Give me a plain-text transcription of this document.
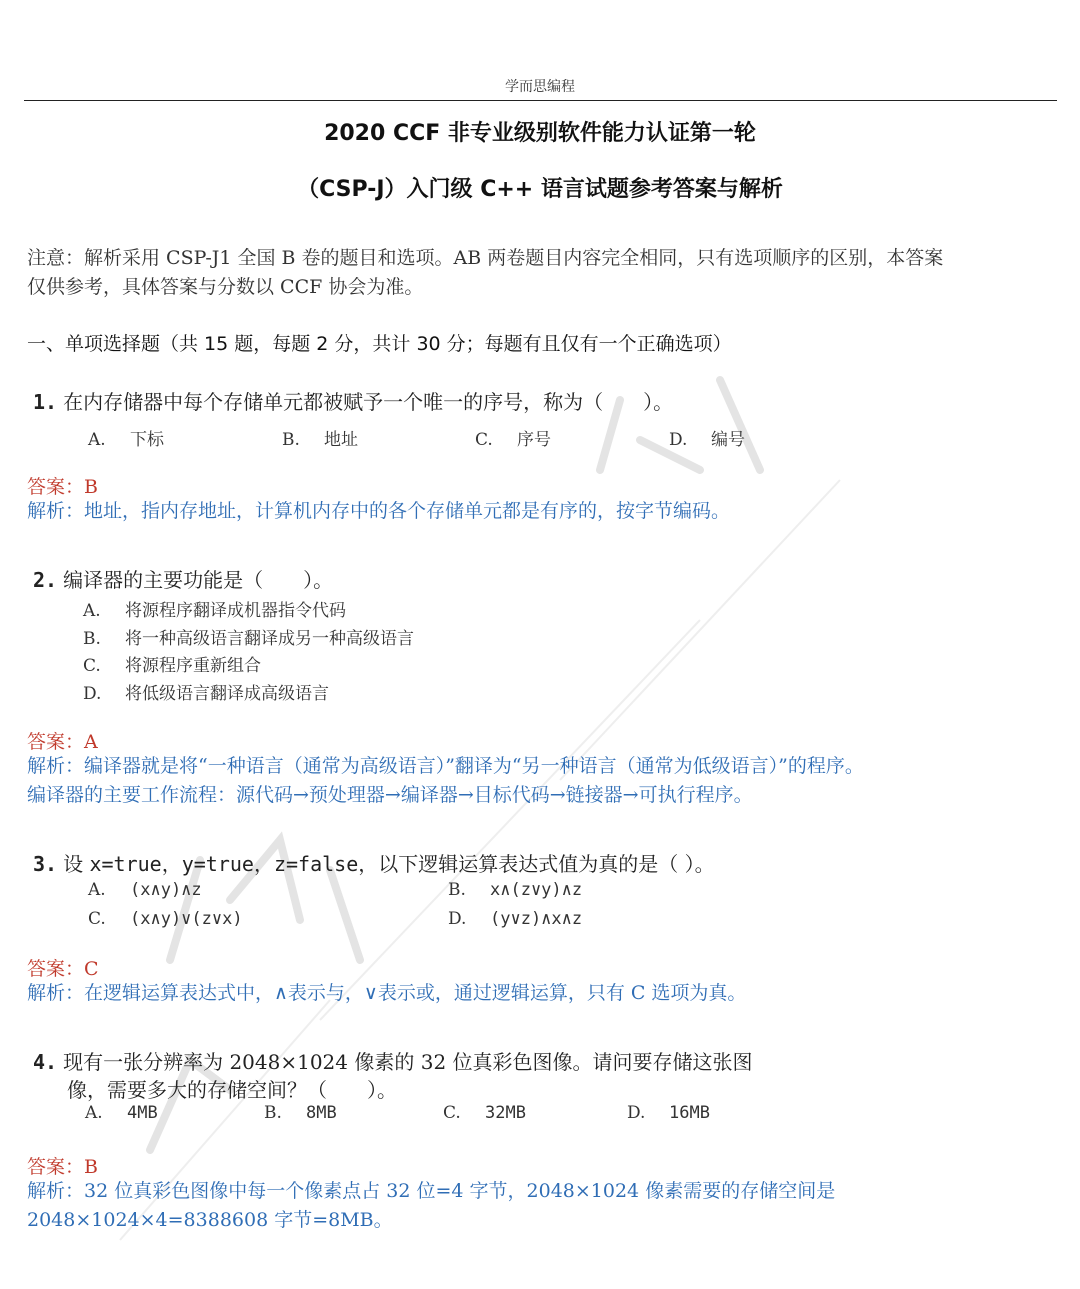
学而思编程
2020 CCF 非专业级别软件能力认证第一轮
（CSP-J）入门级 C++ 语言试题参考答案与解析
注意：解析采用 CSP-J1 全国 B 卷的题目和选项。AB 两卷题目内容完全相同，只有选项顺序的区别，本答案
仅供参考，具体答案与分数以 CCF 协会为准。
一、单项选择题（共 15 题，每题 2 分，共计 30 分；每题有且仅有一个正确选项）
1. 在内存储器中每个存储单元都被赋予一个唯一的序号，称为（　　）。
A. 下标	B. 地址	C. 序号	D. 编号
答案：B
解析：地址，指内存地址，计算机内存中的各个存储单元都是有序的，按字节编码。
2. 编译器的主要功能是（　　）。
A. 将源程序翻译成机器指令代码
B. 将一种高级语言翻译成另一种高级语言
C. 将源程序重新组合
D. 将低级语言翻译成高级语言
答案：A
解析：编译器就是将“一种语言（通常为高级语言）”翻译为“另一种语言（通常为低级语言）”的程序。
编译器的主要工作流程：源代码→预处理器→编译器→目标代码→链接器→可执行程序。
3. 设 x=true，y=true，z=false，以下逻辑运算表达式值为真的是（ ）。
A. (x∧y)∧z	B. x∧(z∨y)∧z
C. (x∧y)∨(z∨x)	D. (y∨z)∧x∧z
答案：C
解析：在逻辑运算表达式中，∧表示与，∨表示或，通过逻辑运算，只有 C 选项为真。
4. 现有一张分辨率为 2048×1024 像素的 32 位真彩色图像。请问要存储这张图
像，需要多大的存储空间？（　　）。
A. 4MB	B. 8MB	C. 32MB	D. 16MB
答案：B
解析：32 位真彩色图像中每一个像素点占 32 位=4 字节，2048×1024 像素需要的存储空间是
2048×1024×4=8388608 字节=8MB。
